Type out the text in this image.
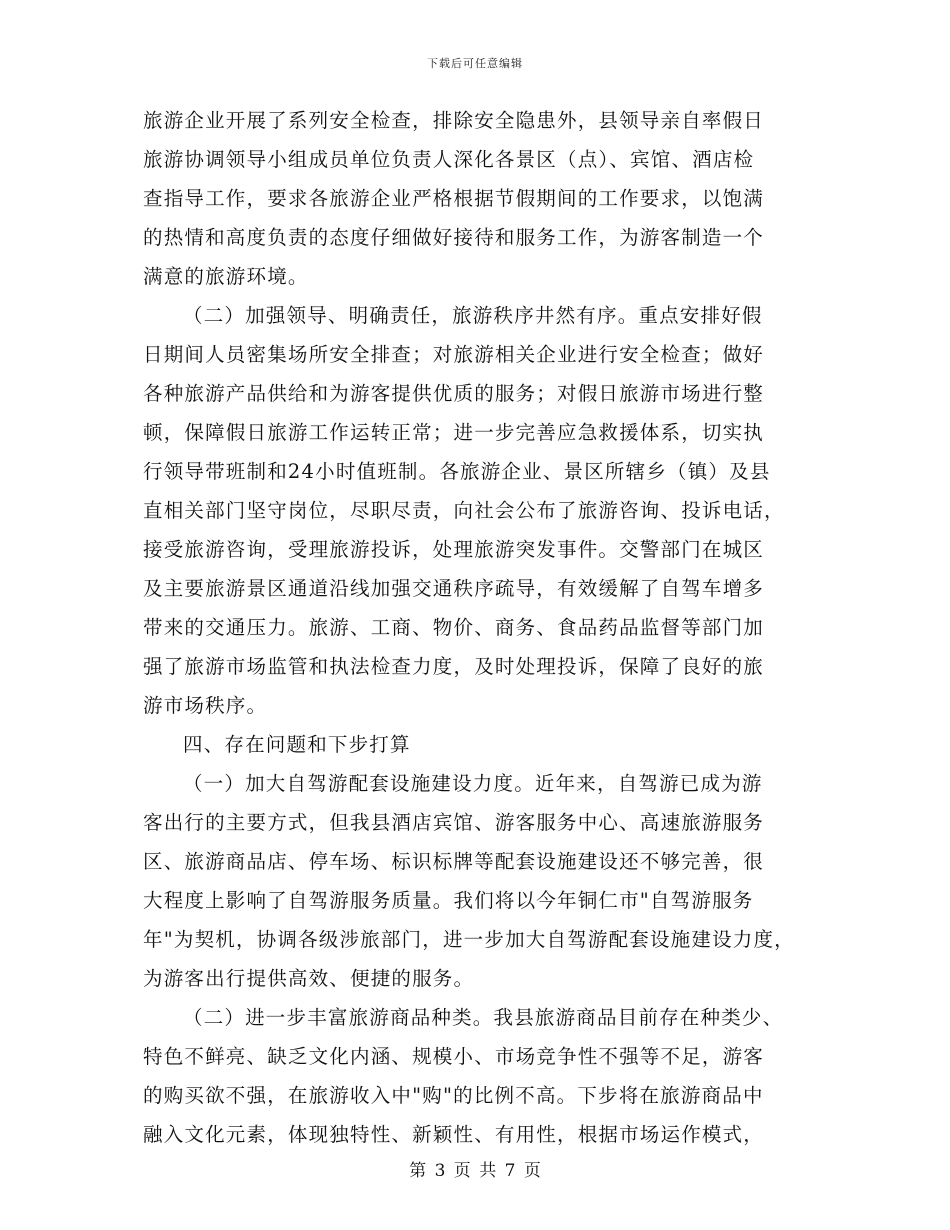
下载后可任意编辑
旅游企业开展了系列安全检查，排除安全隐患外，县领导亲自率假日
旅游协调领导小组成员单位负责人深化各景区（点）、宾馆、酒店检
查指导工作，要求各旅游企业严格根据节假期间的工作要求，以饱满
的热情和高度负责的态度仔细做好接待和服务工作，为游客制造一个
满意的旅游环境。
（二）加强领导、明确责任，旅游秩序井然有序。重点安排好假
日期间人员密集场所安全排查；对旅游相关企业进行安全检查；做好
各种旅游产品供给和为游客提供优质的服务；对假日旅游市场进行整
顿，保障假日旅游工作运转正常；进一步完善应急救援体系，切实执
行领导带班制和24小时值班制。各旅游企业、景区所辖乡（镇）及县
直相关部门坚守岗位，尽职尽责，向社会公布了旅游咨询、投诉电话，
接受旅游咨询，受理旅游投诉，处理旅游突发事件。交警部门在城区
及主要旅游景区通道沿线加强交通秩序疏导，有效缓解了自驾车增多
带来的交通压力。旅游、工商、物价、商务、食品药品监督等部门加
强了旅游市场监管和执法检查力度，及时处理投诉，保障了良好的旅
游市场秩序。
四、存在问题和下步打算
（一）加大自驾游配套设施建设力度。近年来，自驾游已成为游
客出行的主要方式，但我县酒店宾馆、游客服务中心、高速旅游服务
区、旅游商品店、停车场、标识标牌等配套设施建设还不够完善，很
大程度上影响了自驾游服务质量。我们将以今年铜仁市"自驾游服务
年"为契机，协调各级涉旅部门，进一步加大自驾游配套设施建设力度，
为游客出行提供高效、便捷的服务。
（二）进一步丰富旅游商品种类。我县旅游商品目前存在种类少、
特色不鲜亮、缺乏文化内涵、规模小、市场竞争性不强等不足，游客
的购买欲不强，在旅游收入中"购"的比例不高。下步将在旅游商品中
融入文化元素，体现独特性、新颖性、有用性，根据市场运作模式，
第 3 页 共 7 页
